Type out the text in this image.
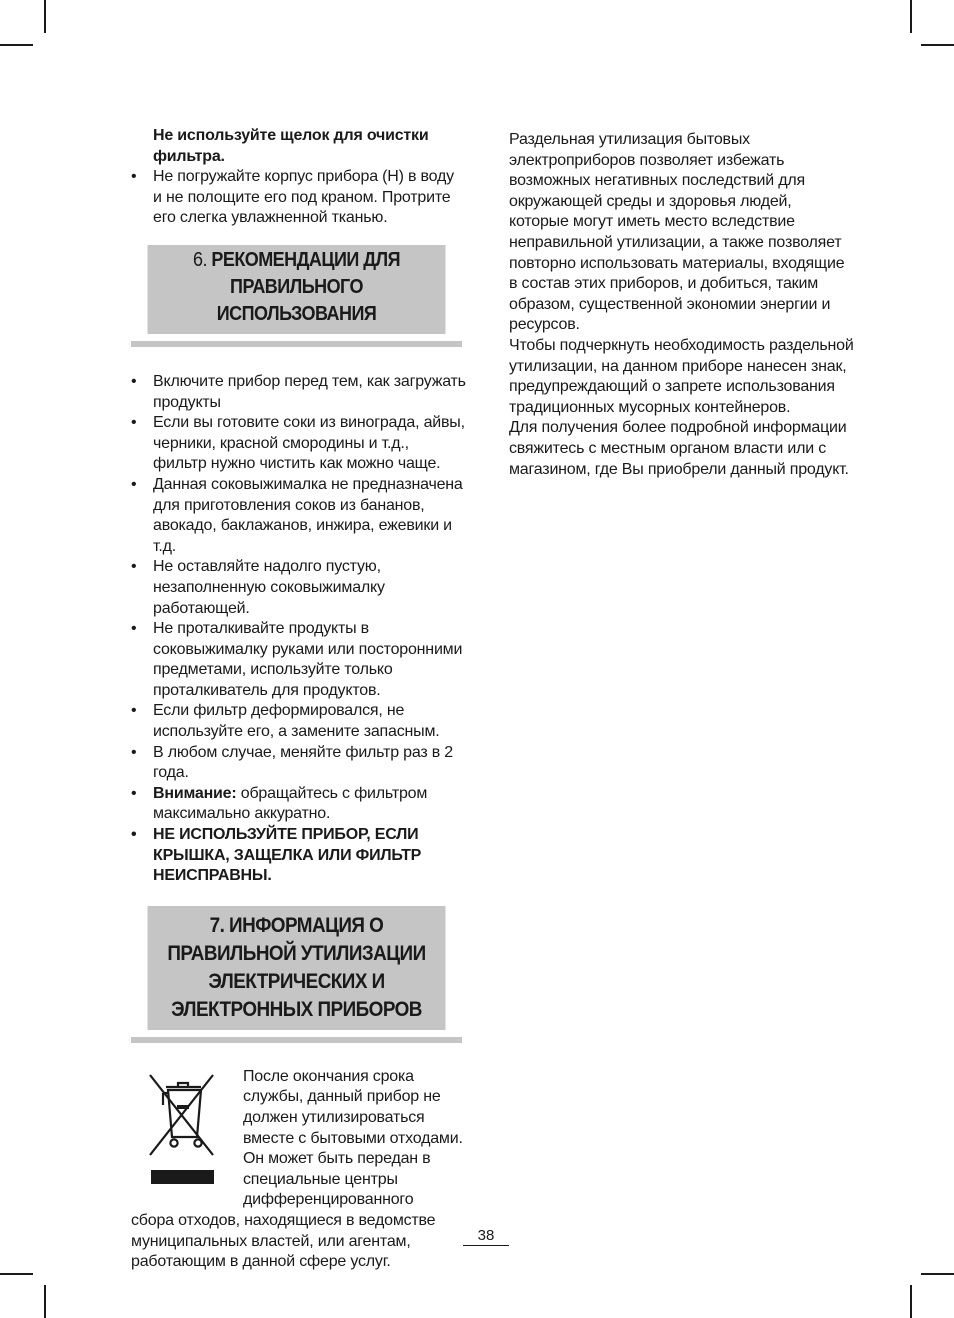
Не используйте щелок для очистки фильтра.

• Не погружайте корпус прибора (H) в воду и не полощите его под краном. Протрите его слегка увлажненной тканью.
6. РЕКОМЕНДАЦИИ ДЛЯ ПРАВИЛЬНОГО ИСПОЛЬЗОВАНИЯ
• Включите прибор перед тем, как загружать продукты
• Если вы готовите соки из винограда, айвы, черники, красной смородины и т.д., фильтр нужно чистить как можно чаще.
• Данная соковыжималка не предназначена для приготовления соков из бананов, авокадо, баклажанов, инжира, ежевики и т.д.
• Не оставляйте надолго пустую, незаполненную соковыжималку работающей.
• Не проталкивайте продукты в соковыжималку руками или посторонними предметами, используйте только проталкиватель для продуктов.
• Если фильтр деформировался, не используйте его, а замените запасным.
• В любом случае, меняйте фильтр раз в 2 года.
• Внимание: обращайтесь с фильтром максимально аккуратно.
• НЕ ИСПОЛЬЗУЙТЕ ПРИБОР, ЕСЛИ КРЫШКА, ЗАЩЕЛКА ИЛИ ФИЛЬТР НЕИСПРАВНЫ.
7. ИНФОРМАЦИЯ О ПРАВИЛЬНОЙ УТИЛИЗАЦИИ ЭЛЕКТРИЧЕСКИХ И ЭЛЕКТРОННЫХ ПРИБОРОВ

После окончания срока службы, данный прибор не должен утилизироваться вместе с бытовыми отходами. Он может быть передан в специальные центры дифференцированного

сбора отходов, находящиеся в ведомстве муниципальных властей, или агентам, работающим в данной сфере услуг.

Раздельная утилизация бытовых электроприборов позволяет избежать возможных негативных последствий для окружающей среды и здоровья людей, которые могут иметь место вследствие неправильной утилизации, а также позволяет повторно использовать материалы, входящие в состав этих приборов, и добиться, таким образом, существенной экономии энергии и ресурсов.

Чтобы подчеркнуть необходимость раздельной утилизации, на данном приборе нанесен знак, предупреждающий о запрете использования традиционных мусорных контейнеров.

Для получения более подробной информации свяжитесь с местным органом власти или с магазином, где Вы приобрели данный продукт.

38
